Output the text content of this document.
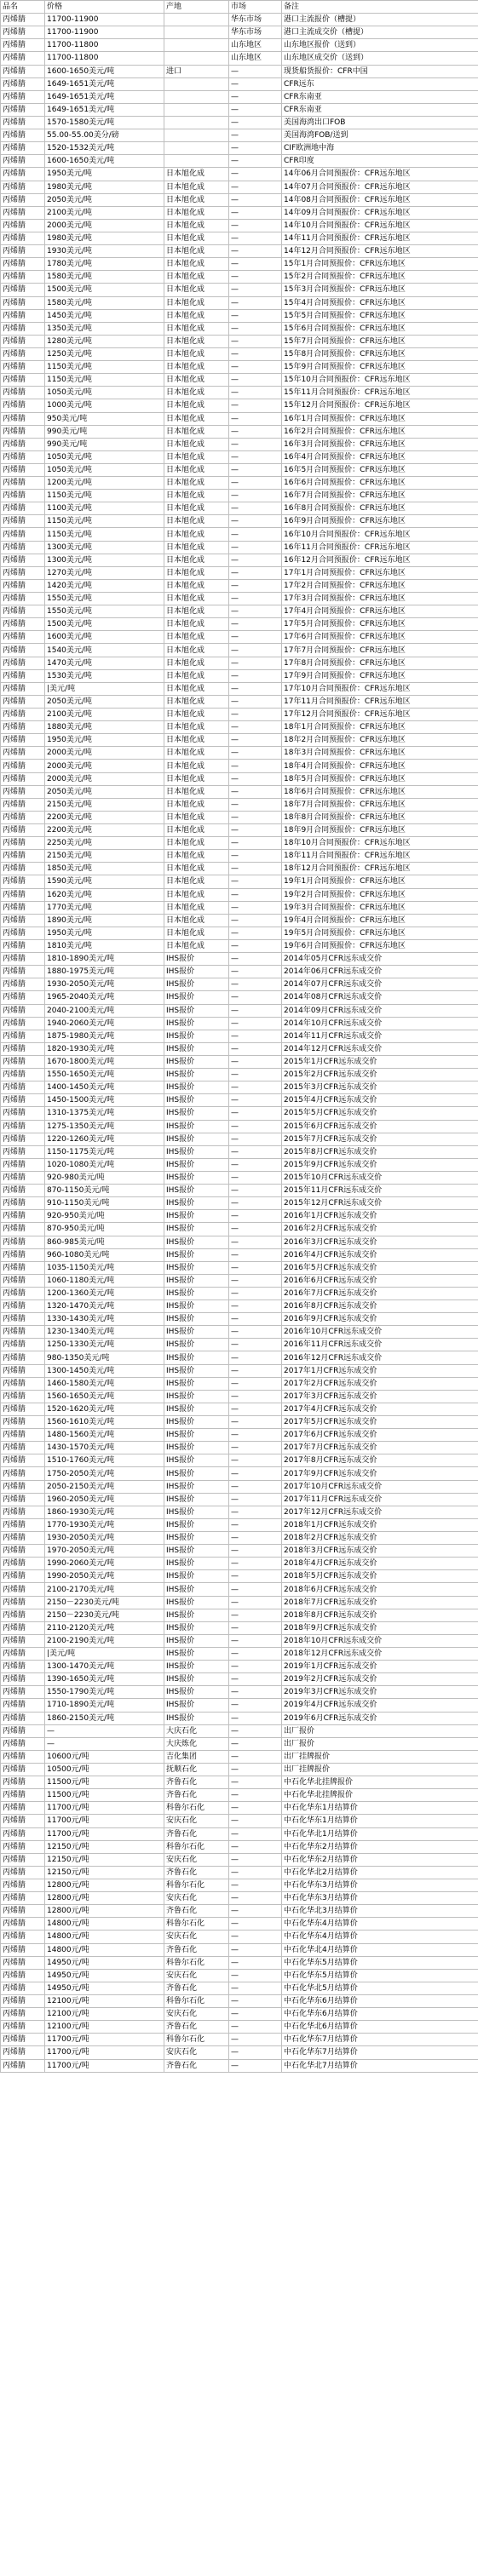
品名	价格	产地	市场	备注
丙烯腈	11700-11900		华东市场	港口主流报价（槽提）
丙烯腈	11700-11900		华东市场	港口主流成交价（槽提）
丙烯腈	11700-11800		山东地区	山东地区报价（送到）
丙烯腈	11700-11800		山东地区	山东地区成交价（送到）
丙烯腈	1600-1650美元/吨	进口	—	现货船货报价：CFR中国
丙烯腈	1649-1651美元/吨		—	CFR远东
丙烯腈	1649-1651美元/吨		—	CFR东南亚
丙烯腈	1649-1651美元/吨		—	CFR东南亚
丙烯腈	1570-1580美元/吨		—	美国海湾出口FOB
丙烯腈	55.00-55.00美分/磅		—	美国海湾FOB/送到
丙烯腈	1520-1532美元/吨		—	CIF欧洲地中海
丙烯腈	1600-1650美元/吨		—	CFR印度
丙烯腈	1950美元/吨	日本旭化成	—	14年06月合同预报价：CFR远东地区
丙烯腈	1980美元/吨	日本旭化成	—	14年07月合同预报价：CFR远东地区
丙烯腈	2050美元/吨	日本旭化成	—	14年08月合同预报价：CFR远东地区
丙烯腈	2100美元/吨	日本旭化成	—	14年09月合同预报价：CFR远东地区
丙烯腈	2000美元/吨	日本旭化成	—	14年10月合同预报价：CFR远东地区
丙烯腈	1980美元/吨	日本旭化成	—	14年11月合同预报价：CFR远东地区
丙烯腈	1930美元/吨	日本旭化成	—	14年12月合同预报价：CFR远东地区
丙烯腈	1780美元/吨	日本旭化成	—	15年1月合同预报价：CFR远东地区
丙烯腈	1580美元/吨	日本旭化成	—	15年2月合同预报价：CFR远东地区
丙烯腈	1500美元/吨	日本旭化成	—	15年3月合同预报价：CFR远东地区
丙烯腈	1580美元/吨	日本旭化成	—	15年4月合同预报价：CFR远东地区
丙烯腈	1450美元/吨	日本旭化成	—	15年5月合同预报价：CFR远东地区
丙烯腈	1350美元/吨	日本旭化成	—	15年6月合同预报价：CFR远东地区
丙烯腈	1280美元/吨	日本旭化成	—	15年7月合同预报价：CFR远东地区
丙烯腈	1250美元/吨	日本旭化成	—	15年8月合同预报价：CFR远东地区
丙烯腈	1150美元/吨	日本旭化成	—	15年9月合同预报价：CFR远东地区
丙烯腈	1150美元/吨	日本旭化成	—	15年10月合同预报价：CFR远东地区
丙烯腈	1050美元/吨	日本旭化成	—	15年11月合同预报价：CFR远东地区
丙烯腈	1000美元/吨	日本旭化成	—	15年12月合同预报价：CFR远东地区
丙烯腈	950美元/吨	日本旭化成	—	16年1月合同预报价：CFR远东地区
丙烯腈	990美元/吨	日本旭化成	—	16年2月合同预报价：CFR远东地区
丙烯腈	990美元/吨	日本旭化成	—	16年3月合同预报价：CFR远东地区
丙烯腈	1050美元/吨	日本旭化成	—	16年4月合同预报价：CFR远东地区
丙烯腈	1050美元/吨	日本旭化成	—	16年5月合同预报价：CFR远东地区
丙烯腈	1200美元/吨	日本旭化成	—	16年6月合同预报价：CFR远东地区
丙烯腈	1150美元/吨	日本旭化成	—	16年7月合同预报价：CFR远东地区
丙烯腈	1100美元/吨	日本旭化成	—	16年8月合同预报价：CFR远东地区
丙烯腈	1150美元/吨	日本旭化成	—	16年9月合同预报价：CFR远东地区
丙烯腈	1150美元/吨	日本旭化成	—	16年10月合同预报价：CFR远东地区
丙烯腈	1300美元/吨	日本旭化成	—	16年11月合同预报价：CFR远东地区
丙烯腈	1300美元/吨	日本旭化成	—	16年12月合同预报价：CFR远东地区
丙烯腈	1270美元/吨	日本旭化成	—	17年1月合同预报价：CFR远东地区
丙烯腈	1420美元/吨	日本旭化成	—	17年2月合同预报价：CFR远东地区
丙烯腈	1550美元/吨	日本旭化成	—	17年3月合同预报价：CFR远东地区
丙烯腈	1550美元/吨	日本旭化成	—	17年4月合同预报价：CFR远东地区
丙烯腈	1500美元/吨	日本旭化成	—	17年5月合同预报价：CFR远东地区
丙烯腈	1600美元/吨	日本旭化成	—	17年6月合同预报价：CFR远东地区
丙烯腈	1540美元/吨	日本旭化成	—	17年7月合同预报价：CFR远东地区
丙烯腈	1470美元/吨	日本旭化成	—	17年8月合同预报价：CFR远东地区
丙烯腈	1530美元/吨	日本旭化成	—	17年9月合同预报价：CFR远东地区
丙烯腈	|美元/吨	日本旭化成	—	17年10月合同预报价：CFR远东地区
丙烯腈	2050美元/吨	日本旭化成	—	17年11月合同预报价：CFR远东地区
丙烯腈	2100美元/吨	日本旭化成	—	17年12月合同预报价：CFR远东地区
丙烯腈	1880美元/吨	日本旭化成	—	18年1月合同预报价：CFR远东地区
丙烯腈	1950美元/吨	日本旭化成	—	18年2月合同预报价：CFR远东地区
丙烯腈	2000美元/吨	日本旭化成	—	18年3月合同预报价：CFR远东地区
丙烯腈	2000美元/吨	日本旭化成	—	18年4月合同预报价：CFR远东地区
丙烯腈	2000美元/吨	日本旭化成	—	18年5月合同预报价：CFR远东地区
丙烯腈	2050美元/吨	日本旭化成	—	18年6月合同预报价：CFR远东地区
丙烯腈	2150美元/吨	日本旭化成	—	18年7月合同预报价：CFR远东地区
丙烯腈	2200美元/吨	日本旭化成	—	18年8月合同预报价：CFR远东地区
丙烯腈	2200美元/吨	日本旭化成	—	18年9月合同预报价：CFR远东地区
丙烯腈	2250美元/吨	日本旭化成	—	18年10月合同预报价：CFR远东地区
丙烯腈	2150美元/吨	日本旭化成	—	18年11月合同预报价：CFR远东地区
丙烯腈	1850美元/吨	日本旭化成	—	18年12月合同预报价：CFR远东地区
丙烯腈	1590美元/吨	日本旭化成	—	19年1月合同预报价：CFR远东地区
丙烯腈	1620美元/吨	日本旭化成	—	19年2月合同预报价：CFR远东地区
丙烯腈	1770美元/吨	日本旭化成	—	19年3月合同预报价：CFR远东地区
丙烯腈	1890美元/吨	日本旭化成	—	19年4月合同预报价：CFR远东地区
丙烯腈	1950美元/吨	日本旭化成	—	19年5月合同预报价：CFR远东地区
丙烯腈	1810美元/吨	日本旭化成	—	19年6月合同预报价：CFR远东地区
丙烯腈	1810-1890美元/吨	IHS报价	—	2014年05月CFR远东成交价
丙烯腈	1880-1975美元/吨	IHS报价	—	2014年06月CFR远东成交价
丙烯腈	1930-2050美元/吨	IHS报价	—	2014年07月CFR远东成交价
丙烯腈	1965-2040美元/吨	IHS报价	—	2014年08月CFR远东成交价
丙烯腈	2040-2100美元/吨	IHS报价	—	2014年09月CFR远东成交价
丙烯腈	1940-2060美元/吨	IHS报价	—	2014年10月CFR远东成交价
丙烯腈	1875-1980美元/吨	IHS报价	—	2014年11月CFR远东成交价
丙烯腈	1820-1930美元/吨	IHS报价	—	2014年12月CFR远东成交价
丙烯腈	1670-1800美元/吨	IHS报价	—	2015年1月CFR远东成交价
丙烯腈	1550-1650美元/吨	IHS报价	—	2015年2月CFR远东成交价
丙烯腈	1400-1450美元/吨	IHS报价	—	2015年3月CFR远东成交价
丙烯腈	1450-1500美元/吨	IHS报价	—	2015年4月CFR远东成交价
丙烯腈	1310-1375美元/吨	IHS报价	—	2015年5月CFR远东成交价
丙烯腈	1275-1350美元/吨	IHS报价	—	2015年6月CFR远东成交价
丙烯腈	1220-1260美元/吨	IHS报价	—	2015年7月CFR远东成交价
丙烯腈	1150-1175美元/吨	IHS报价	—	2015年8月CFR远东成交价
丙烯腈	1020-1080美元/吨	IHS报价	—	2015年9月CFR远东成交价
丙烯腈	920-980美元/吨	IHS报价	—	2015年10月CFR远东成交价
丙烯腈	870-1150美元/吨	IHS报价	—	2015年11月CFR远东成交价
丙烯腈	910-1150美元/吨	IHS报价	—	2015年12月CFR远东成交价
丙烯腈	920-950美元/吨	IHS报价	—	2016年1月CFR远东成交价
丙烯腈	870-950美元/吨	IHS报价	—	2016年2月CFR远东成交价
丙烯腈	860-985美元/吨	IHS报价	—	2016年3月CFR远东成交价
丙烯腈	960-1080美元/吨	IHS报价	—	2016年4月CFR远东成交价
丙烯腈	1035-1150美元/吨	IHS报价	—	2016年5月CFR远东成交价
丙烯腈	1060-1180美元/吨	IHS报价	—	2016年6月CFR远东成交价
丙烯腈	1200-1360美元/吨	IHS报价	—	2016年7月CFR远东成交价
丙烯腈	1320-1470美元/吨	IHS报价	—	2016年8月CFR远东成交价
丙烯腈	1330-1430美元/吨	IHS报价	—	2016年9月CFR远东成交价
丙烯腈	1230-1340美元/吨	IHS报价	—	2016年10月CFR远东成交价
丙烯腈	1250-1330美元/吨	IHS报价	—	2016年11月CFR远东成交价
丙烯腈	980-1350美元/吨	IHS报价	—	2016年12月CFR远东成交价
丙烯腈	1300-1450美元/吨	IHS报价	—	2017年1月CFR远东成交价
丙烯腈	1460-1580美元/吨	IHS报价	—	2017年2月CFR远东成交价
丙烯腈	1560-1650美元/吨	IHS报价	—	2017年3月CFR远东成交价
丙烯腈	1520-1620美元/吨	IHS报价	—	2017年4月CFR远东成交价
丙烯腈	1560-1610美元/吨	IHS报价	—	2017年5月CFR远东成交价
丙烯腈	1480-1560美元/吨	IHS报价	—	2017年6月CFR远东成交价
丙烯腈	1430-1570美元/吨	IHS报价	—	2017年7月CFR远东成交价
丙烯腈	1510-1760美元/吨	IHS报价	—	2017年8月CFR远东成交价
丙烯腈	1750-2050美元/吨	IHS报价	—	2017年9月CFR远东成交价
丙烯腈	2050-2150美元/吨	IHS报价	—	2017年10月CFR远东成交价
丙烯腈	1960-2050美元/吨	IHS报价	—	2017年11月CFR远东成交价
丙烯腈	1860-1930美元/吨	IHS报价	—	2017年12月CFR远东成交价
丙烯腈	1770-1930美元/吨	IHS报价	—	2018年1月CFR远东成交价
丙烯腈	1930-2050美元/吨	IHS报价	—	2018年2月CFR远东成交价
丙烯腈	1970-2050美元/吨	IHS报价	—	2018年3月CFR远东成交价
丙烯腈	1990-2060美元/吨	IHS报价	—	2018年4月CFR远东成交价
丙烯腈	1990-2050美元/吨	IHS报价	—	2018年5月CFR远东成交价
丙烯腈	2100-2170美元/吨	IHS报价	—	2018年6月CFR远东成交价
丙烯腈	2150－2230美元/吨	IHS报价	—	2018年7月CFR远东成交价
丙烯腈	2150－2230美元/吨	IHS报价	—	2018年8月CFR远东成交价
丙烯腈	2110-2120美元/吨	IHS报价	—	2018年9月CFR远东成交价
丙烯腈	2100-2190美元/吨	IHS报价	—	2018年10月CFR远东成交价
丙烯腈	|美元/吨	IHS报价	—	2018年12月CFR远东成交价
丙烯腈	1300-1470美元/吨	IHS报价	—	2019年1月CFR远东成交价
丙烯腈	1390-1650美元/吨	IHS报价	—	2019年2月CFR远东成交价
丙烯腈	1550-1790美元/吨	IHS报价	—	2019年3月CFR远东成交价
丙烯腈	1710-1890美元/吨	IHS报价	—	2019年4月CFR远东成交价
丙烯腈	1860-2150美元/吨	IHS报价	—	2019年6月CFR远东成交价
丙烯腈	—	大庆石化	—	出厂报价
丙烯腈	—	大庆炼化	—	出厂报价
丙烯腈	10600元/吨	吉化集团	—	出厂挂牌报价
丙烯腈	10500元/吨	抚顺石化	—	出厂挂牌报价
丙烯腈	11500元/吨	齐鲁石化	—	中石化华北挂牌报价
丙烯腈	11500元/吨	齐鲁石化	—	中石化华北挂牌报价
丙烯腈	11700元/吨	科鲁尔石化	—	中石化华东1月结算价
丙烯腈	11700元/吨	安庆石化	—	中石化华东1月结算价
丙烯腈	11700元/吨	齐鲁石化	—	中石化华北1月结算价
丙烯腈	12150元/吨	科鲁尔石化	—	中石化华东2月结算价
丙烯腈	12150元/吨	安庆石化	—	中石化华东2月结算价
丙烯腈	12150元/吨	齐鲁石化	—	中石化华北2月结算价
丙烯腈	12800元/吨	科鲁尔石化	—	中石化华东3月结算价
丙烯腈	12800元/吨	安庆石化	—	中石化华东3月结算价
丙烯腈	12800元/吨	齐鲁石化	—	中石化华北3月结算价
丙烯腈	14800元/吨	科鲁尔石化	—	中石化华东4月结算价
丙烯腈	14800元/吨	安庆石化	—	中石化华东4月结算价
丙烯腈	14800元/吨	齐鲁石化	—	中石化华北4月结算价
丙烯腈	14950元/吨	科鲁尔石化	—	中石化华东5月结算价
丙烯腈	14950元/吨	安庆石化	—	中石化华东5月结算价
丙烯腈	14950元/吨	齐鲁石化	—	中石化华北5月结算价
丙烯腈	12100元/吨	科鲁尔石化	—	中石化华东6月结算价
丙烯腈	12100元/吨	安庆石化	—	中石化华东6月结算价
丙烯腈	12100元/吨	齐鲁石化	—	中石化华北6月结算价
丙烯腈	11700元/吨	科鲁尔石化	—	中石化华东7月结算价
丙烯腈	11700元/吨	安庆石化	—	中石化华东7月结算价
丙烯腈	11700元/吨	齐鲁石化	—	中石化华北7月结算价
